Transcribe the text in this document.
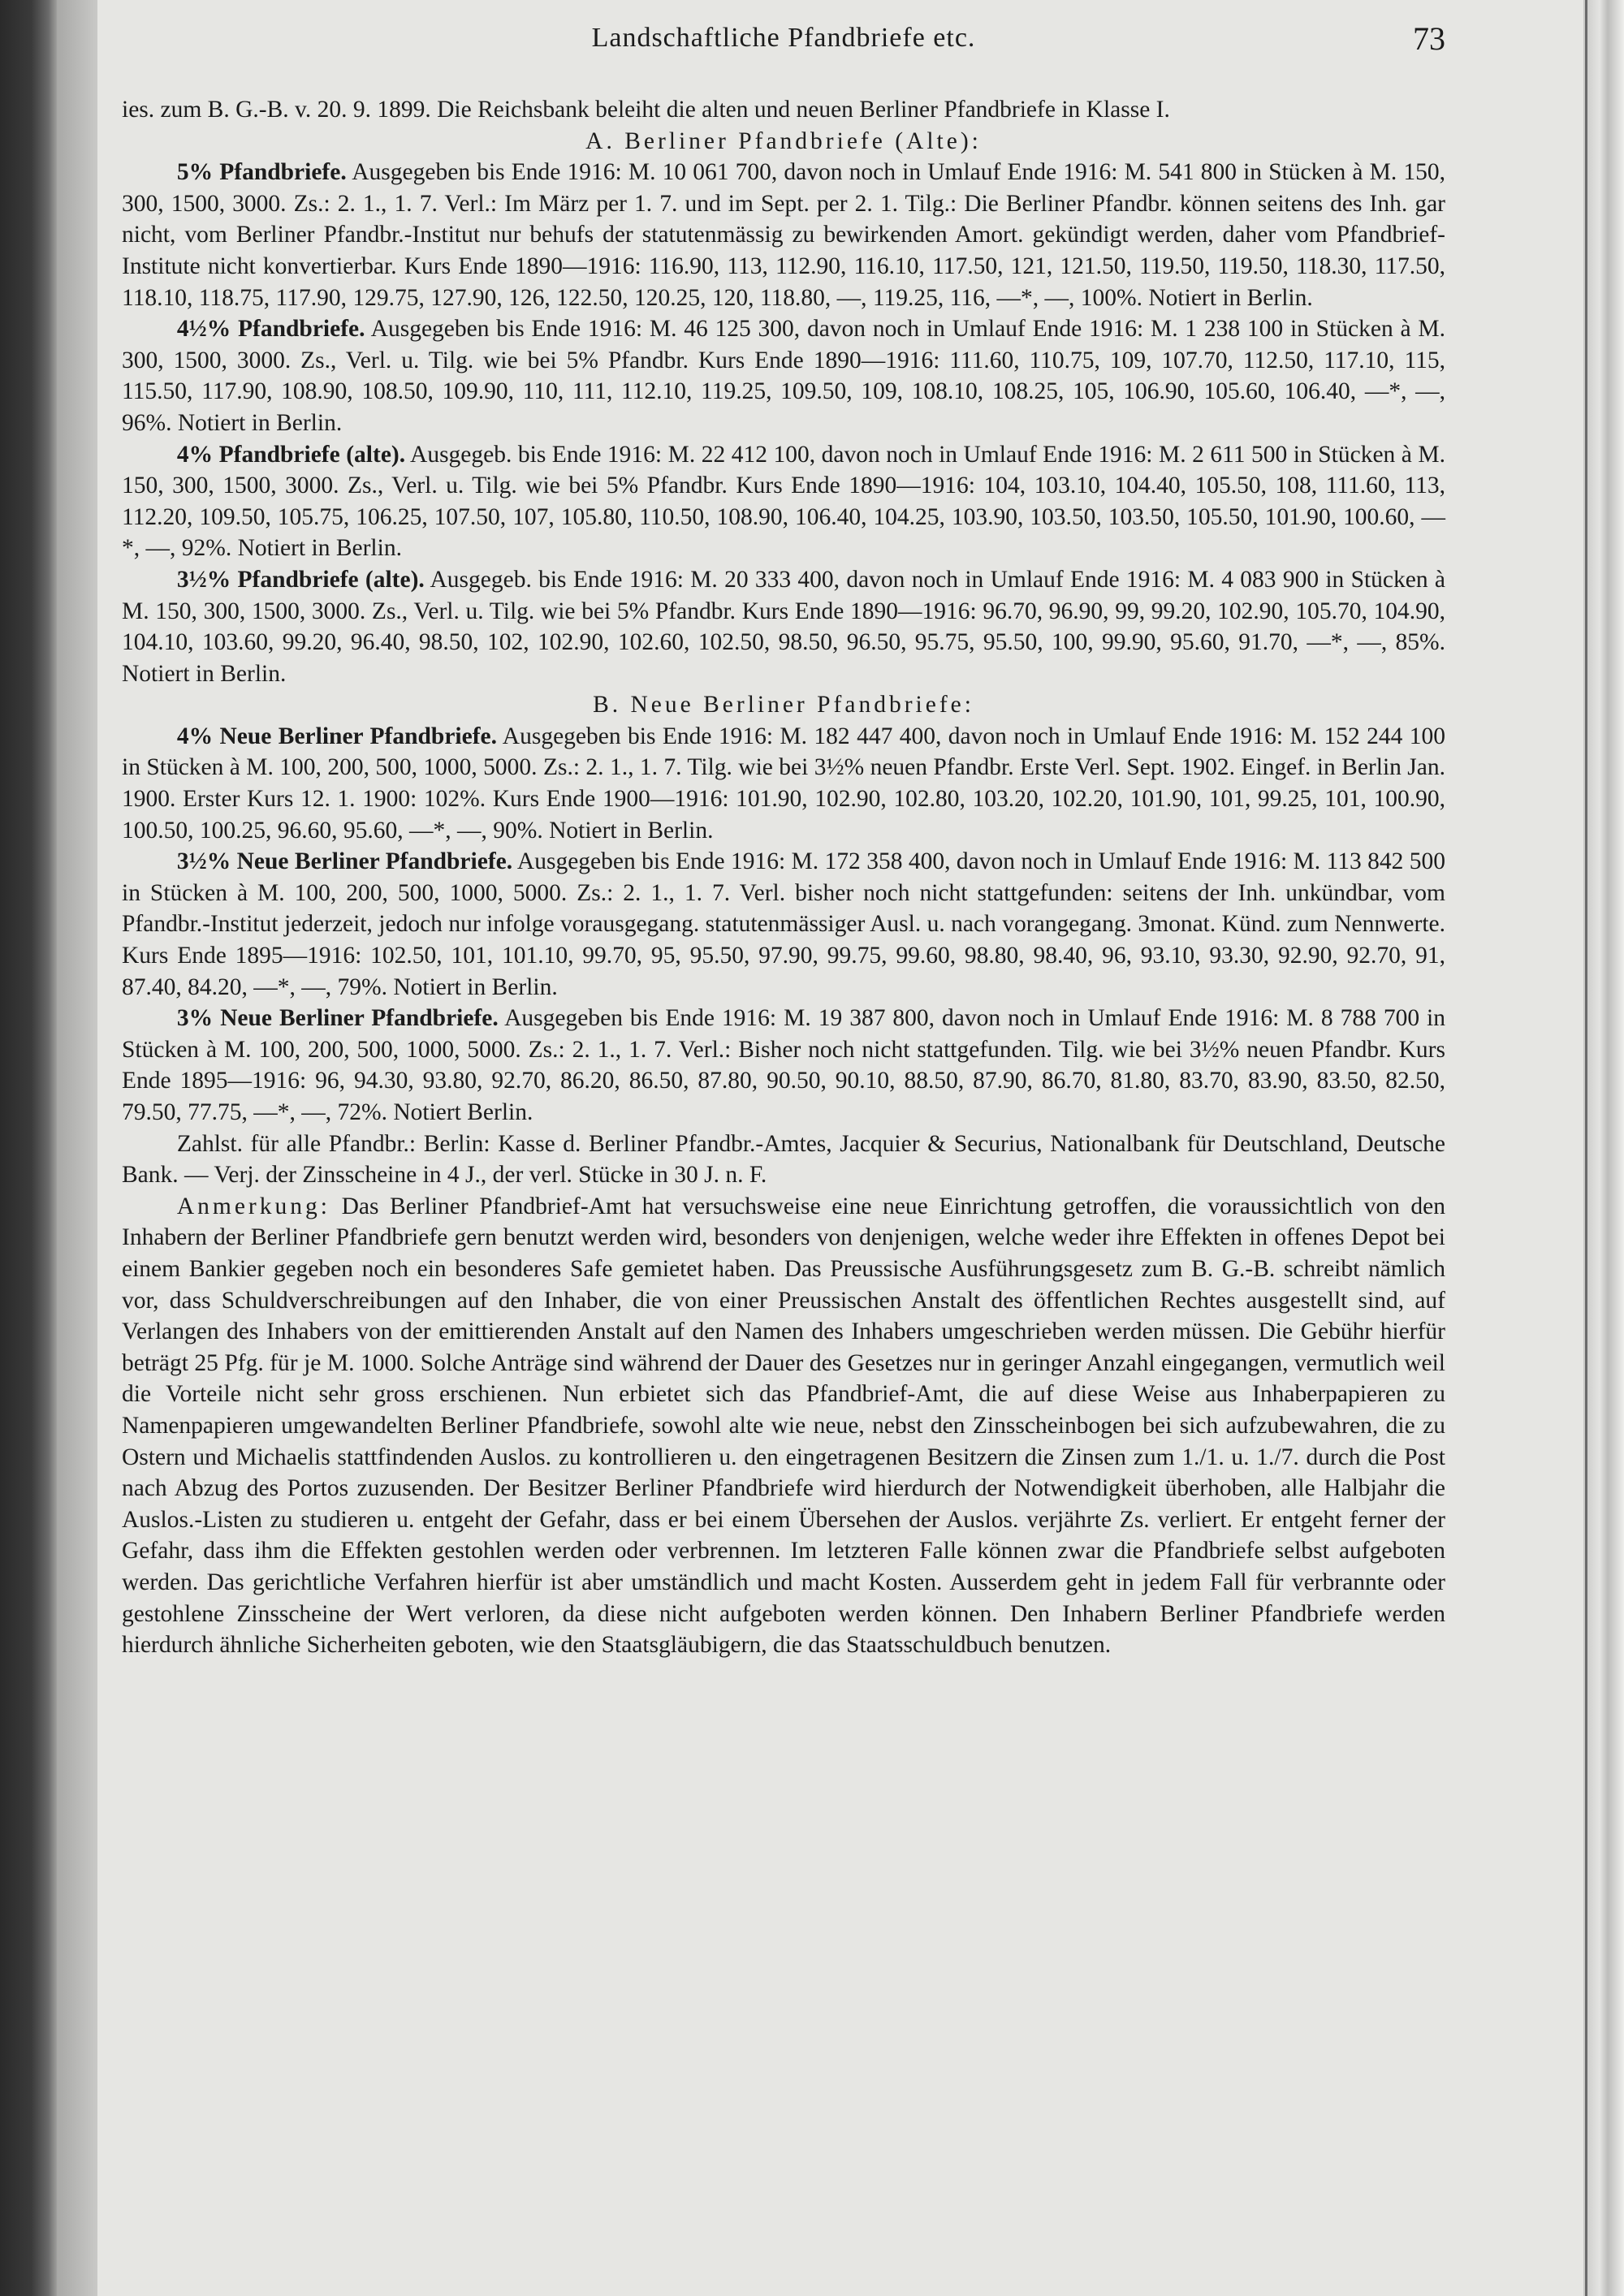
Landschaftliche Pfandbriefe etc.	73

ies. zum B. G.-B. v. 20. 9. 1899. Die Reichsbank beleiht die alten und neuen Berliner Pfandbriefe in Klasse I.

A. Berliner Pfandbriefe (Alte):

5% Pfandbriefe. Ausgegeben bis Ende 1916: M. 10 061 700, davon noch in Umlauf Ende 1916: M. 541 800 in Stücken à M. 150, 300, 1500, 3000. Zs.: 2. 1., 1. 7. Verl.: Im März per 1. 7. und im Sept. per 2. 1. Tilg.: Die Berliner Pfandbr. können seitens des Inh. gar nicht, vom Berliner Pfandbr.-Institut nur behufs der statutenmässig zu bewirkenden Amort. gekündigt werden, daher vom Pfandbrief-Institute nicht konvertierbar. Kurs Ende 1890—1916: 116.90, 113, 112.90, 116.10, 117.50, 121, 121.50, 119.50, 119.50, 118.30, 117.50, 118.10, 118.75, 117.90, 129.75, 127.90, 126, 122.50, 120.25, 120, 118.80, —, 119.25, 116, —*, —, 100%. Notiert in Berlin.

4½% Pfandbriefe. Ausgegeben bis Ende 1916: M. 46 125 300, davon noch in Umlauf Ende 1916: M. 1 238 100 in Stücken à M. 300, 1500, 3000. Zs., Verl. u. Tilg. wie bei 5% Pfandbr. Kurs Ende 1890—1916: 111.60, 110.75, 109, 107.70, 112.50, 117.10, 115, 115.50, 117.90, 108.90, 108.50, 109.90, 110, 111, 112.10, 119.25, 109.50, 109, 108.10, 108.25, 105, 106.90, 105.60, 106.40, —*, —, 96%. Notiert in Berlin.

4% Pfandbriefe (alte). Ausgegeb. bis Ende 1916: M. 22 412 100, davon noch in Umlauf Ende 1916: M. 2 611 500 in Stücken à M. 150, 300, 1500, 3000. Zs., Verl. u. Tilg. wie bei 5% Pfandbr. Kurs Ende 1890—1916: 104, 103.10, 104.40, 105.50, 108, 111.60, 113, 112.20, 109.50, 105.75, 106.25, 107.50, 107, 105.80, 110.50, 108.90, 106.40, 104.25, 103.90, 103.50, 103.50, 105.50, 101.90, 100.60, —*, —, 92%. Notiert in Berlin.

3½% Pfandbriefe (alte). Ausgegeb. bis Ende 1916: M. 20 333 400, davon noch in Umlauf Ende 1916: M. 4 083 900 in Stücken à M. 150, 300, 1500, 3000. Zs., Verl. u. Tilg. wie bei 5% Pfandbr. Kurs Ende 1890—1916: 96.70, 96.90, 99, 99.20, 102.90, 105.70, 104.90, 104.10, 103.60, 99.20, 96.40, 98.50, 102, 102.90, 102.60, 102.50, 98.50, 96.50, 95.75, 95.50, 100, 99.90, 95.60, 91.70, —*, —, 85%. Notiert in Berlin.

B. Neue Berliner Pfandbriefe:

4% Neue Berliner Pfandbriefe. Ausgegeben bis Ende 1916: M. 182 447 400, davon noch in Umlauf Ende 1916: M. 152 244 100 in Stücken à M. 100, 200, 500, 1000, 5000. Zs.: 2. 1., 1. 7. Tilg. wie bei 3½% neuen Pfandbr. Erste Verl. Sept. 1902. Eingef. in Berlin Jan. 1900. Erster Kurs 12. 1. 1900: 102%. Kurs Ende 1900—1916: 101.90, 102.90, 102.80, 103.20, 102.20, 101.90, 101, 99.25, 101, 100.90, 100.50, 100.25, 96.60, 95.60, —*, —, 90%. Notiert in Berlin.

3½% Neue Berliner Pfandbriefe. Ausgegeben bis Ende 1916: M. 172 358 400, davon noch in Umlauf Ende 1916: M. 113 842 500 in Stücken à M. 100, 200, 500, 1000, 5000. Zs.: 2. 1., 1. 7. Verl. bisher noch nicht stattgefunden: seitens der Inh. unkündbar, vom Pfandbr.-Institut jederzeit, jedoch nur infolge vorausgegang. statutenmässiger Ausl. u. nach vorangegang. 3monat. Künd. zum Nennwerte. Kurs Ende 1895—1916: 102.50, 101, 101.10, 99.70, 95, 95.50, 97.90, 99.75, 99.60, 98.80, 98.40, 96, 93.10, 93.30, 92.90, 92.70, 91, 87.40, 84.20, —*, —, 79%. Notiert in Berlin.

3% Neue Berliner Pfandbriefe. Ausgegeben bis Ende 1916: M. 19 387 800, davon noch in Umlauf Ende 1916: M. 8 788 700 in Stücken à M. 100, 200, 500, 1000, 5000. Zs.: 2. 1., 1. 7. Verl.: Bisher noch nicht stattgefunden. Tilg. wie bei 3½% neuen Pfandbr. Kurs Ende 1895—1916: 96, 94.30, 93.80, 92.70, 86.20, 86.50, 87.80, 90.50, 90.10, 88.50, 87.90, 86.70, 81.80, 83.70, 83.90, 83.50, 82.50, 79.50, 77.75, —*, —, 72%. Notiert Berlin.

Zahlst. für alle Pfandbr.: Berlin: Kasse d. Berliner Pfandbr.-Amtes, Jacquier & Securius, Nationalbank für Deutschland, Deutsche Bank. — Verj. der Zinsscheine in 4 J., der verl. Stücke in 30 J. n. F.

Anmerkung: Das Berliner Pfandbrief-Amt hat versuchsweise eine neue Einrichtung getroffen, die voraussichtlich von den Inhabern der Berliner Pfandbriefe gern benutzt werden wird, besonders von denjenigen, welche weder ihre Effekten in offenes Depot bei einem Bankier gegeben noch ein besonderes Safe gemietet haben. Das Preussische Ausführungsgesetz zum B. G.-B. schreibt nämlich vor, dass Schuldverschreibungen auf den Inhaber, die von einer Preussischen Anstalt des öffentlichen Rechtes ausgestellt sind, auf Verlangen des Inhabers von der emittierenden Anstalt auf den Namen des Inhabers umgeschrieben werden müssen. Die Gebühr hierfür beträgt 25 Pfg. für je M. 1000. Solche Anträge sind während der Dauer des Gesetzes nur in geringer Anzahl eingegangen, vermutlich weil die Vorteile nicht sehr gross erschienen. Nun erbietet sich das Pfandbrief-Amt, die auf diese Weise aus Inhaberpapieren zu Namenpapieren umgewandelten Berliner Pfandbriefe, sowohl alte wie neue, nebst den Zinsscheinbogen bei sich aufzubewahren, die zu Ostern und Michaelis stattfindenden Auslos. zu kontrollieren u. den eingetragenen Besitzern die Zinsen zum 1./1. u. 1./7. durch die Post nach Abzug des Portos zuzusenden. Der Besitzer Berliner Pfandbriefe wird hierdurch der Notwendigkeit überhoben, alle Halbjahr die Auslos.-Listen zu studieren u. entgeht der Gefahr, dass er bei einem Übersehen der Auslos. verjährte Zs. verliert. Er entgeht ferner der Gefahr, dass ihm die Effekten gestohlen werden oder verbrennen. Im letzteren Falle können zwar die Pfandbriefe selbst aufgeboten werden. Das gerichtliche Verfahren hierfür ist aber umständlich und macht Kosten. Ausserdem geht in jedem Fall für verbrannte oder gestohlene Zinsscheine der Wert verloren, da diese nicht aufgeboten werden können. Den Inhabern Berliner Pfandbriefe werden hierdurch ähnliche Sicherheiten geboten, wie den Staatsgläubigern, die das Staatsschuldbuch benutzen.
